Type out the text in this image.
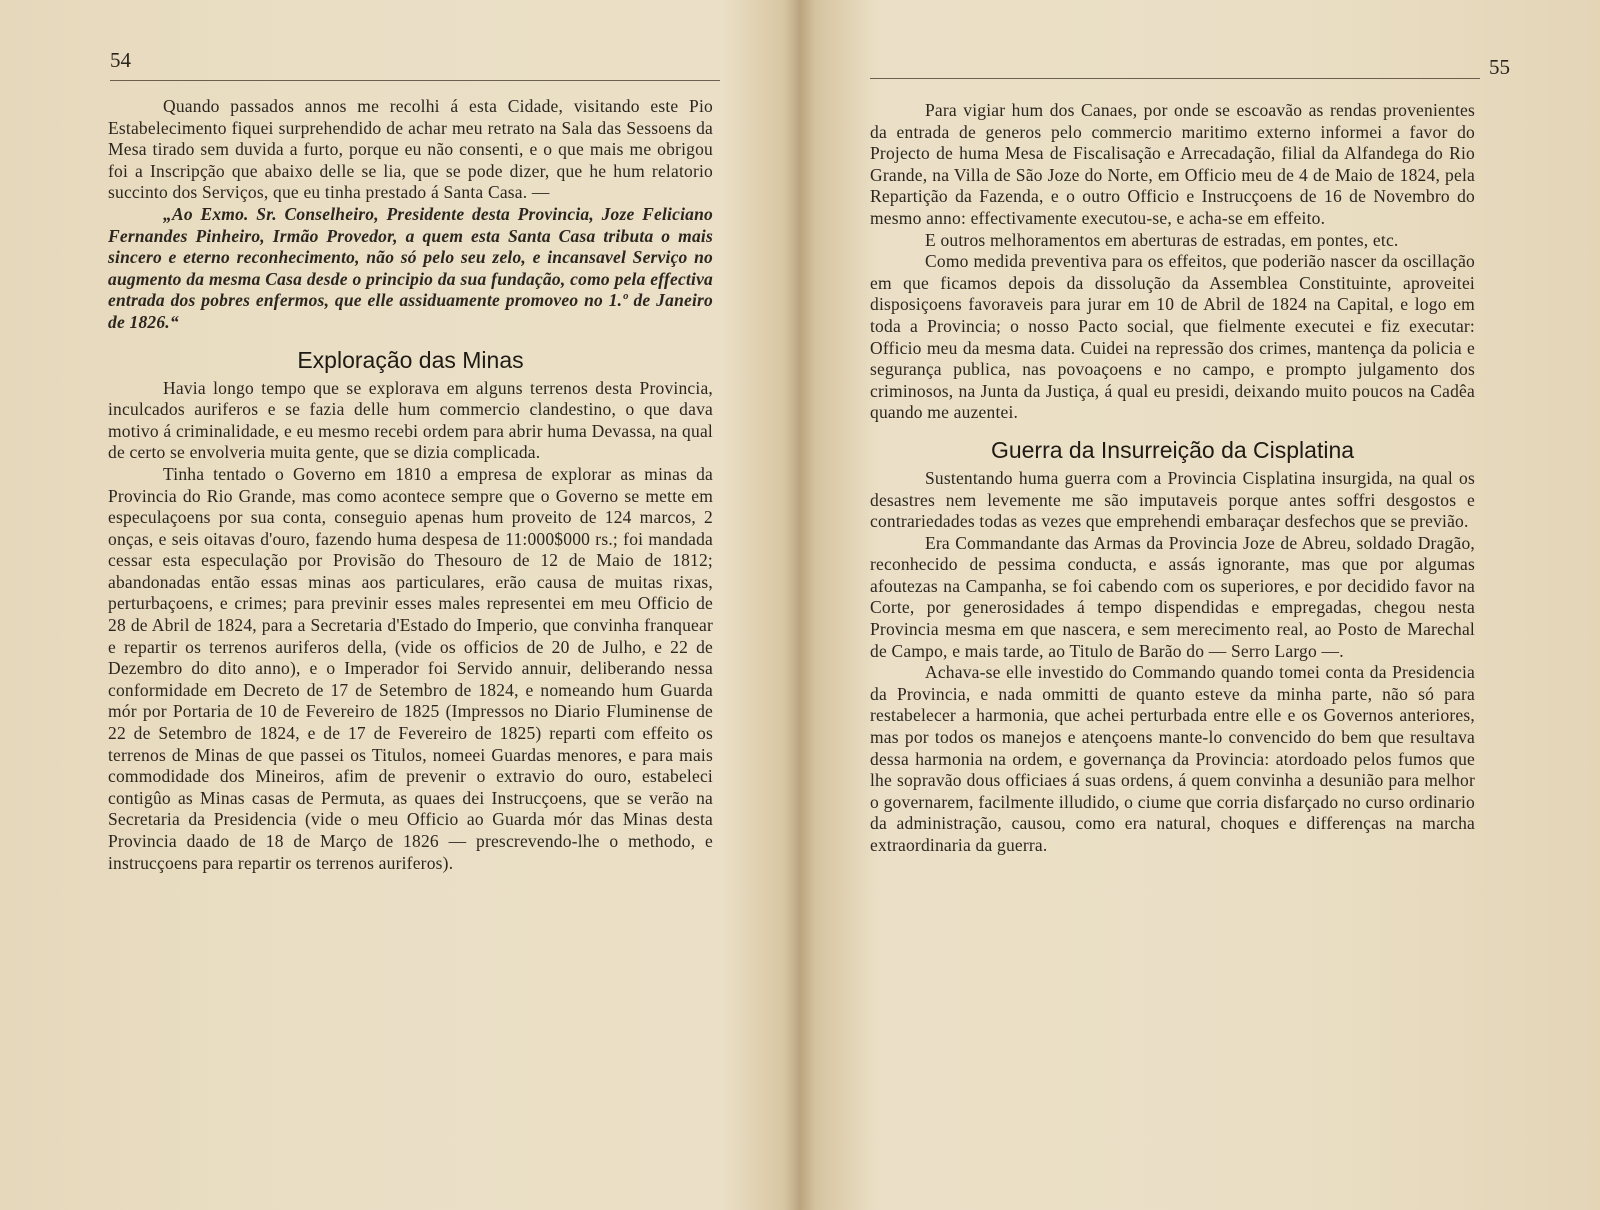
54

Quando passados annos me recolhi á esta Cidade, visitando este Pio Estabelecimento fiquei surprehendido de achar meu retrato na Sala das Sessoens da Mesa tirado sem duvida a furto, porque eu não consenti, e o que mais me obrigou foi a Inscripção que abaixo delle se lia, que se pode dizer, que he hum relatorio succinto dos Serviços, que eu tinha prestado á Santa Casa. —

„Ao Exmo. Sr. Conselheiro, Presidente desta Provincia, Joze Feliciano Fernandes Pinheiro, Irmão Provedor, a quem esta Santa Casa tributa o mais sincero e eterno reconhecimento, não só pelo seu zelo, e incansavel Serviço no augmento da mesma Casa desde o principio da sua fundação, como pela effectiva entrada dos pobres enfermos, que elle assiduamente promoveo no 1.º de Janeiro de 1826.“

Exploração das Minas

Havia longo tempo que se explorava em alguns terrenos desta Provincia, inculcados auriferos e se fazia delle hum commercio clandestino, o que dava motivo á criminalidade, e eu mesmo recebi ordem para abrir huma Devassa, na qual de certo se envolveria muita gente, que se dizia complicada.

Tinha tentado o Governo em 1810 a empresa de explorar as minas da Provincia do Rio Grande, mas como acontece sempre que o Governo se mette em especulaçoens por sua conta, conseguio apenas hum proveito de 124 marcos, 2 onças, e seis oitavas d'ouro, fazendo huma despesa de 11:000$000 rs.; foi mandada cessar esta especulação por Provisão do Thesouro de 12 de Maio de 1812; abandonadas então essas minas aos particulares, erão causa de muitas rixas, perturbaçoens, e crimes; para previnir esses males representei em meu Officio de 28 de Abril de 1824, para a Secretaria d'Estado do Imperio, que convinha franquear e repartir os terrenos auriferos della, (vide os officios de 20 de Julho, e 22 de Dezembro do dito anno), e o Imperador foi Servido annuir, deliberando nessa conformidade em Decreto de 17 de Setembro de 1824, e nomeando hum Guarda mór por Portaria de 10 de Fevereiro de 1825 (Impressos no Diario Fluminense de 22 de Setembro de 1824, e de 17 de Fevereiro de 1825) reparti com effeito os terrenos de Minas de que passei os Titulos, nomeei Guardas menores, e para mais commodidade dos Mineiros, afim de prevenir o extravio do ouro, estabeleci contigûo as Minas casas de Permuta, as quaes dei Instrucçoens, que se verão na Secretaria da Presidencia (vide o meu Officio ao Guarda mór das Minas desta Provincia daado de 18 de Março de 1826 — prescrevendo-lhe o methodo, e instrucçoens para repartir os terrenos auriferos).

55

Para vigiar hum dos Canaes, por onde se escoavão as rendas provenientes da entrada de generos pelo commercio maritimo externo informei a favor do Projecto de huma Mesa de Fiscalisação e Arrecadação, filial da Alfandega do Rio Grande, na Villa de São Joze do Norte, em Officio meu de 4 de Maio de 1824, pela Repartição da Fazenda, e o outro Officio e Instrucçoens de 16 de Novembro do mesmo anno: effectivamente executou-se, e acha-se em effeito.

E outros melhoramentos em aberturas de estradas, em pontes, etc.

Como medida preventiva para os effeitos, que poderião nascer da oscillação em que ficamos depois da dissolução da Assemblea Constituinte, aproveitei disposiçoens favoraveis para jurar em 10 de Abril de 1824 na Capital, e logo em toda a Provincia; o nosso Pacto social, que fielmente executei e fiz executar: Officio meu da mesma data. Cuidei na repressão dos crimes, mantença da policia e segurança publica, nas povoaçoens e no campo, e prompto julgamento dos criminosos, na Junta da Justiça, á qual eu presidi, deixando muito poucos na Cadêa quando me auzentei.

Guerra da Insurreição da Cisplatina

Sustentando huma guerra com a Provincia Cisplatina insurgida, na qual os desastres nem levemente me são imputaveis porque antes soffri desgostos e contrariedades todas as vezes que emprehendi embaraçar desfechos que se previão.

Era Commandante das Armas da Provincia Joze de Abreu, soldado Dragão, reconhecido de pessima conducta, e assás ignorante, mas que por algumas afoutezas na Campanha, se foi cabendo com os superiores, e por decidido favor na Corte, por generosidades á tempo dispendidas e empregadas, chegou nesta Provincia mesma em que nascera, e sem merecimento real, ao Posto de Marechal de Campo, e mais tarde, ao Titulo de Barão do — Serro Largo —.

Achava-se elle investido do Commando quando tomei conta da Presidencia da Provincia, e nada ommitti de quanto esteve da minha parte, não só para restabelecer a harmonia, que achei perturbada entre elle e os Governos anteriores, mas por todos os manejos e atençoens mante-lo convencido do bem que resultava dessa harmonia na ordem, e governança da Provincia: atordoado pelos fumos que lhe sopravão dous officiaes á suas ordens, á quem convinha a desunião para melhor o governarem, facilmente illudido, o ciume que corria disfarçado no curso ordinario da administração, causou, como era natural, choques e differenças na marcha extraordinaria da guerra.
